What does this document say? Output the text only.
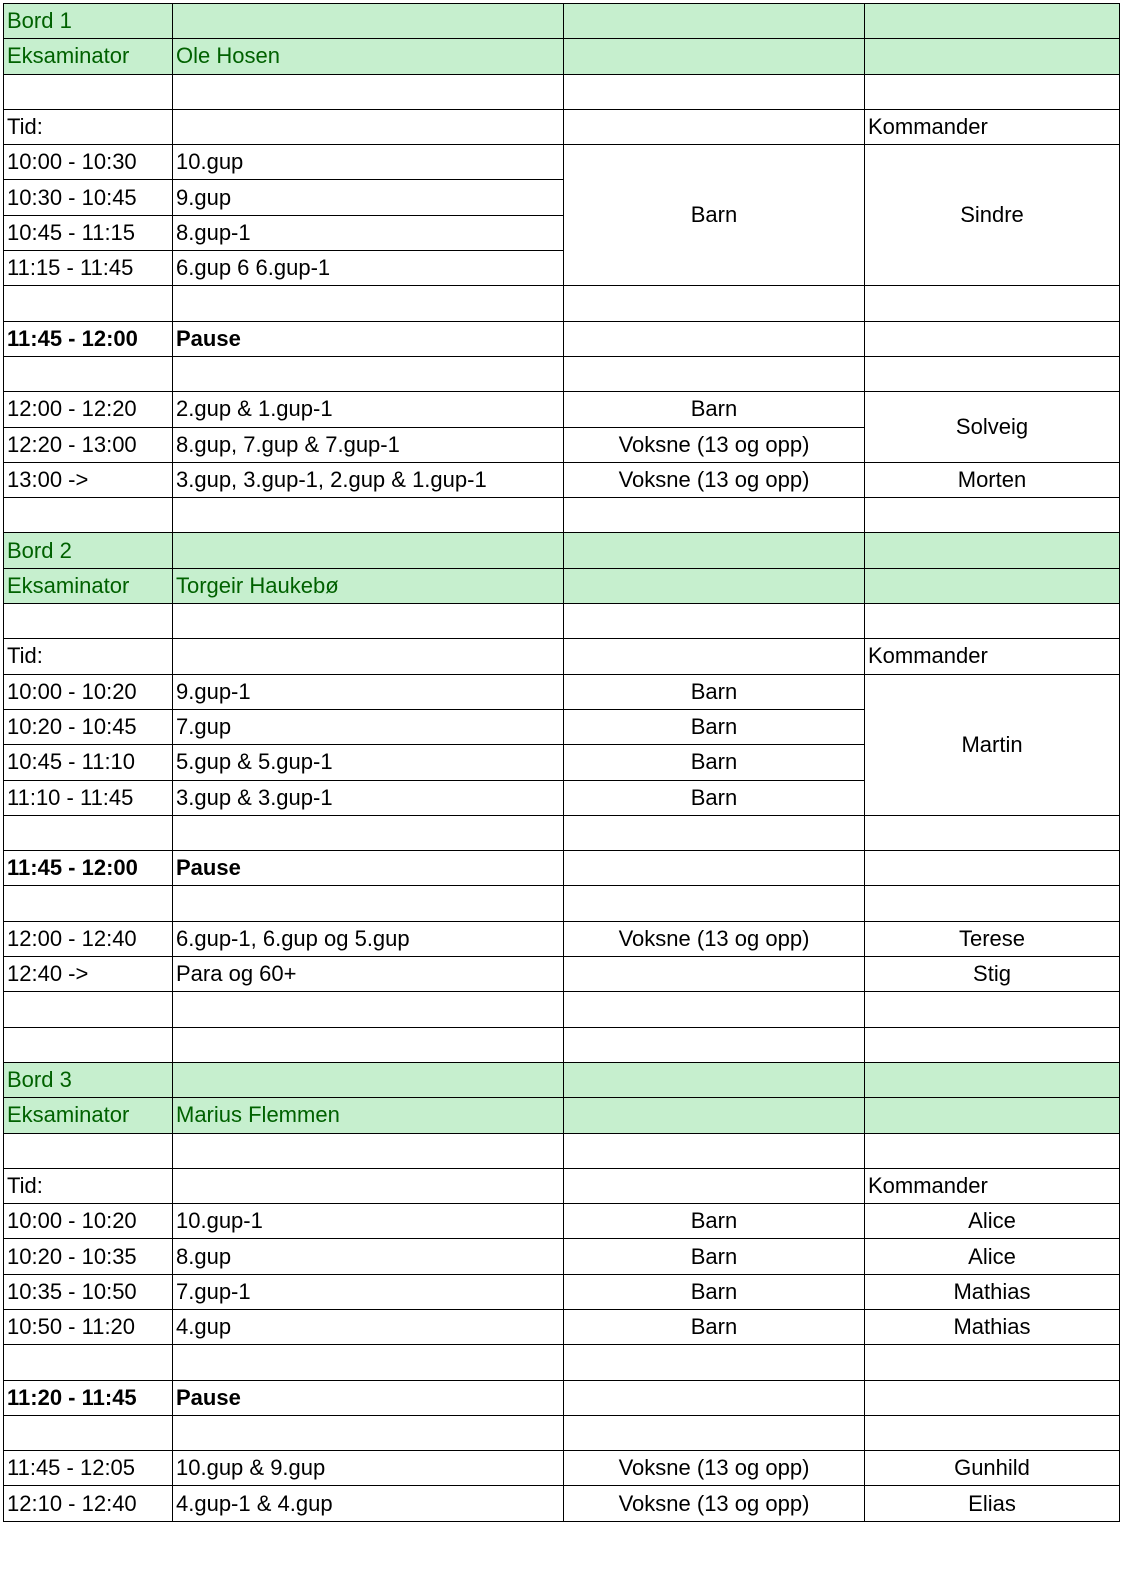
Bord 1			
Eksaminator	Ole Hosen		

Tid:			Kommander
10:00 - 10:30	10.gup	Barn	Sindre
10:30 - 10:45	9.gup		
10:45 - 11:15	8.gup-1		
11:15 - 11:45	6.gup 6 6.gup-1		

11:45 - 12:00	Pause		

12:00 - 12:20	2.gup & 1.gup-1	Barn	Solveig
12:20 - 13:00	8.gup, 7.gup & 7.gup-1	Voksne (13 og opp)	
13:00 ->	3.gup, 3.gup-1, 2.gup & 1.gup-1	Voksne (13 og opp)	Morten

Bord 2			
Eksaminator	Torgeir Haukebø		

Tid:			Kommander
10:00 - 10:20	9.gup-1	Barn	Martin
10:20 - 10:45	7.gup	Barn	
10:45 - 11:10	5.gup & 5.gup-1	Barn	
11:10 - 11:45	3.gup & 3.gup-1	Barn	

11:45 - 12:00	Pause		

12:00 - 12:40	6.gup-1, 6.gup og 5.gup	Voksne (13 og opp)	Terese
12:40 ->	Para og 60+		Stig

Bord 3			
Eksaminator	Marius Flemmen		

Tid:			Kommander
10:00 - 10:20	10.gup-1	Barn	Alice
10:20 - 10:35	8.gup	Barn	Alice
10:35 - 10:50	7.gup-1	Barn	Mathias
10:50 - 11:20	4.gup	Barn	Mathias

11:20 - 11:45	Pause		

11:45 - 12:05	10.gup & 9.gup	Voksne (13 og opp)	Gunhild
12:10 - 12:40	4.gup-1 & 4.gup	Voksne (13 og opp)	Elias
